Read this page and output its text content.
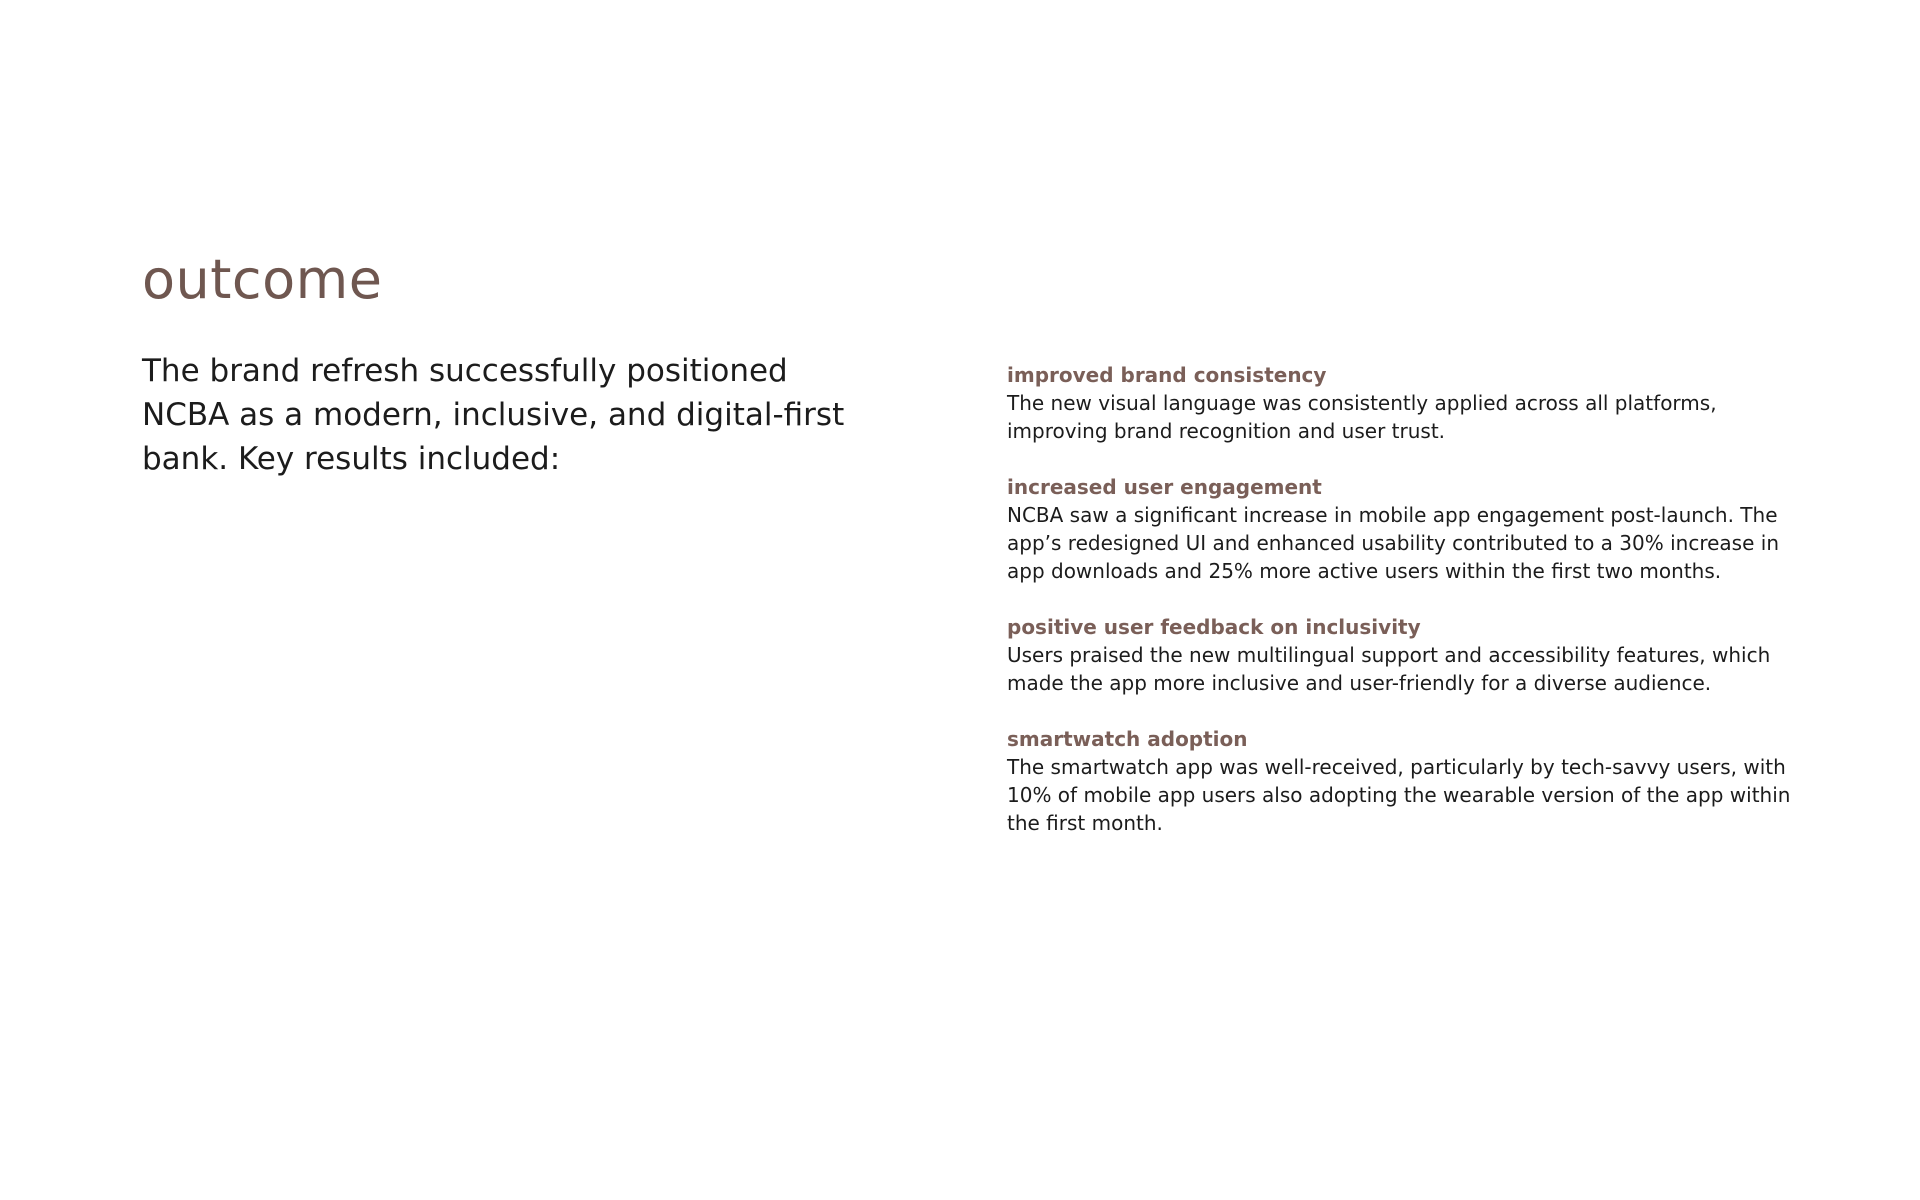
outcome

The brand refresh successfully positioned NCBA as a modern, inclusive, and digital-first bank. Key results included:

improved brand consistency
The new visual language was consistently applied across all platforms, improving brand recognition and user trust.
increased user engagement
NCBA saw a significant increase in mobile app engagement post-launch. The app’s redesigned UI and enhanced usability contributed to a 30% increase in app downloads and 25% more active users within the first two months.
positive user feedback on inclusivity
Users praised the new multilingual support and accessibility features, which made the app more inclusive and user-friendly for a diverse audience.
smartwatch adoption
The smartwatch app was well-received, particularly by tech-savvy users, with 10% of mobile app users also adopting the wearable version of the app within the first month.
